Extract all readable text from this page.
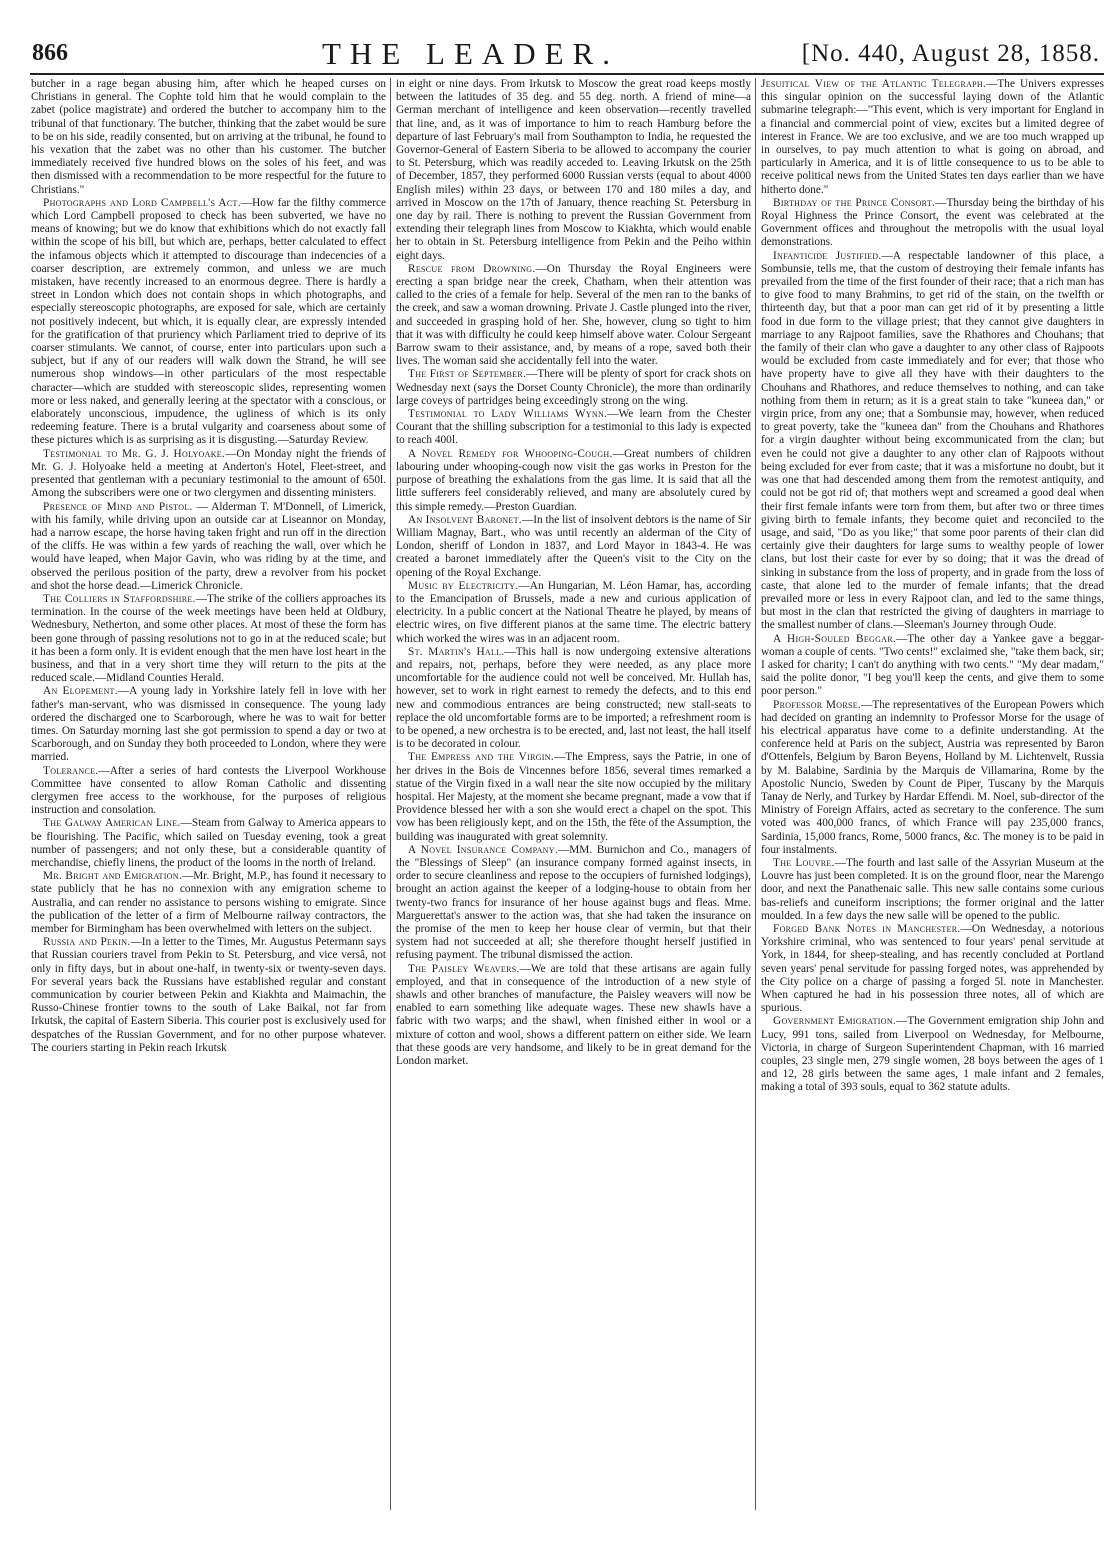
866	THE LEADER.	[No. 440, August 28, 1858.

butcher in a rage began abusing him, after which he heaped curses on Christians in general. The Cophte told him that he would complain to the zabet (police magistrate) and ordered the butcher to accompany him to the tribunal of that functionary. The butcher, thinking that the zabet would be sure to be on his side, readily consented, but on arriving at the tribunal, he found to his vexation that the zabet was no other than his customer. The butcher immediately received five hundred blows on the soles of his feet, and was then dismissed with a recommendation to be more respectful for the future to Christians."

Photographs and Lord Campbell's Act.—How far the filthy commerce which Lord Campbell proposed to check has been subverted, we have no means of knowing; but we do know that exhibitions which do not exactly fall within the scope of his bill, but which are, perhaps, better calculated to effect the infamous objects which it attempted to discourage than indecencies of a coarser description, are extremely common, and unless we are much mistaken, have recently increased to an enormous degree. There is hardly a street in London which does not contain shops in which photographs, and especially stereoscopic photographs, are exposed for sale, which are certainly not positively indecent, but which, it is equally clear, are expressly intended for the gratification of that pruriency which Parliament tried to deprive of its coarser stimulants. We cannot, of course, enter into particulars upon such a subject, but if any of our readers will walk down the Strand, he will see numerous shop windows—in other particulars of the most respectable character—which are studded with stereoscopic slides, representing women more or less naked, and generally leering at the spectator with a conscious, or elaborately unconscious, impudence, the ugliness of which is its only redeeming feature. There is a brutal vulgarity and coarseness about some of these pictures which is as surprising as it is disgusting.—Saturday Review.

Testimonial to Mr. G. J. Holyoake.—On Monday night the friends of Mr. G. J. Holyoake held a meeting at Anderton's Hotel, Fleet-street, and presented that gentleman with a pecuniary testimonial to the amount of 650l. Among the subscribers were one or two clergymen and dissenting ministers.

Presence of Mind and Pistol. — Alderman T. M'Donnell, of Limerick, with his family, while driving upon an outside car at Liseannor on Monday, had a narrow escape, the horse having taken fright and run off in the direction of the cliffs. He was within a few yards of reaching the wall, over which he would have leaped, when Major Gavin, who was riding by at the time, and observed the perilous position of the party, drew a revolver from his pocket and shot the horse dead.—Limerick Chronicle.

The Colliers in Staffordshire.—The strike of the colliers approaches its termination. In the course of the week meetings have been held at Oldbury, Wednesbury, Netherton, and some other places. At most of these the form has been gone through of passing resolutions not to go in at the reduced scale; but it has been a form only. It is evident enough that the men have lost heart in the business, and that in a very short time they will return to the pits at the reduced scale.—Midland Counties Herald.

An Elopement.—A young lady in Yorkshire lately fell in love with her father's man-servant, who was dismissed in consequence. The young lady ordered the discharged one to Scarborough, where he was to wait for better times. On Saturday morning last she got permission to spend a day or two at Scarborough, and on Sunday they both proceeded to London, where they were married.

Tolerance.—After a series of hard contests the Liverpool Workhouse Committee have consented to allow Roman Catholic and dissenting clergymen free access to the workhouse, for the purposes of religious instruction and consolation.

The Galway American Line.—Steam from Galway to America appears to be flourishing. The Pacific, which sailed on Tuesday evening, took a great number of passengers; and not only these, but a considerable quantity of merchandise, chiefly linens, the product of the looms in the north of Ireland.

Mr. Bright and Emigration.—Mr. Bright, M.P., has found it necessary to state publicly that he has no connexion with any emigration scheme to Australia, and can render no assistance to persons wishing to emigrate. Since the publication of the letter of a firm of Melbourne railway contractors, the member for Birmingham has been overwhelmed with letters on the subject.

Russia and Pekin.—In a letter to the Times, Mr. Augustus Petermann says that Russian couriers travel from Pekin to St. Petersburg, and vice versâ, not only in fifty days, but in about one-half, in twenty-six or twenty-seven days. For several years back the Russians have established regular and constant communication by courier between Pekin and Kiakhta and Maimachin, the Russo-Chinese frontier towns to the south of Lake Baikal, not far from Irkutsk, the capital of Eastern Siberia. This courier post is exclusively used for despatches of the Russian Government, and for no other purpose whatever. The couriers starting in Pekin reach Irkutsk

in eight or nine days. From Irkutsk to Moscow the great road keeps mostly between the latitudes of 35 deg. and 55 deg. north. A friend of mine—a German merchant of intelligence and keen observation—recently travelled that line, and, as it was of importance to him to reach Hamburg before the departure of last February's mail from Southampton to India, he requested the Governor-General of Eastern Siberia to be allowed to accompany the courier to St. Petersburg, which was readily acceded to. Leaving Irkutsk on the 25th of December, 1857, they performed 6000 Russian versts (equal to about 4000 English miles) within 23 days, or between 170 and 180 miles a day, and arrived in Moscow on the 17th of January, thence reaching St. Petersburg in one day by rail. There is nothing to prevent the Russian Government from extending their telegraph lines from Moscow to Kiakhta, which would enable her to obtain in St. Petersburg intelligence from Pekin and the Peiho within eight days.

Rescue from Drowning.—On Thursday the Royal Engineers were erecting a span bridge near the creek, Chatham, when their attention was called to the cries of a female for help. Several of the men ran to the banks of the creek, and saw a woman drowning. Private J. Castle plunged into the river, and succeeded in grasping hold of her. She, however, clung so tight to him that it was with difficulty he could keep himself above water. Colour Sergeant Barrow swam to their assistance, and, by means of a rope, saved both their lives. The woman said she accidentally fell into the water.

The First of September.—There will be plenty of sport for crack shots on Wednesday next (says the Dorset County Chronicle), the more than ordinarily large coveys of partridges being exceedingly strong on the wing.

Testimonial to Lady Williams Wynn.—We learn from the Chester Courant that the shilling subscription for a testimonial to this lady is expected to reach 400l.

A Novel Remedy for Whooping-Cough.—Great numbers of children labouring under whooping-cough now visit the gas works in Preston for the purpose of breathing the exhalations from the gas lime. It is said that all the little sufferers feel considerably relieved, and many are absolutely cured by this simple remedy.—Preston Guardian.

An Insolvent Baronet.—In the list of insolvent debtors is the name of Sir William Magnay, Bart., who was until recently an alderman of the City of London, sheriff of London in 1837, and Lord Mayor in 1843-4. He was created a baronet immediately after the Queen's visit to the City on the opening of the Royal Exchange.

Music by Electricity.—An Hungarian, M. Léon Hamar, has, according to the Emancipation of Brussels, made a new and curious application of electricity. In a public concert at the National Theatre he played, by means of electric wires, on five different pianos at the same time. The electric battery which worked the wires was in an adjacent room.

St. Martin's Hall.—This hall is now undergoing extensive alterations and repairs, not, perhaps, before they were needed, as any place more uncomfortable for the audience could not well be conceived. Mr. Hullah has, however, set to work in right earnest to remedy the defects, and to this end new and commodious entrances are being constructed; new stall-seats to replace the old uncomfortable forms are to be imported; a refreshment room is to be opened, a new orchestra is to be erected, and, last not least, the hall itself is to be decorated in colour.

The Empress and the Virgin.—The Empress, says the Patrie, in one of her drives in the Bois de Vincennes before 1856, several times remarked a statue of the Virgin fixed in a wall near the site now occupied by the military hospital. Her Majesty, at the moment she became pregnant, made a vow that if Providence blessed her with a son she would erect a chapel on the spot. This vow has been religiously kept, and on the 15th, the fête of the Assumption, the building was inaugurated with great solemnity.

A Novel Insurance Company.—MM. Burnichon and Co., managers of the "Blessings of Sleep" (an insurance company formed against insects, in order to secure cleanliness and repose to the occupiers of furnished lodgings), brought an action against the keeper of a lodging-house to obtain from her twenty-two francs for insurance of her house against bugs and fleas. Mme. Marguerettat's answer to the action was, that she had taken the insurance on the promise of the men to keep her house clear of vermin, but that their system had not succeeded at all; she therefore thought herself justified in refusing payment. The tribunal dismissed the action.

The Paisley Weavers.—We are told that these artisans are again fully employed, and that in consequence of the introduction of a new style of shawls and other branches of manufacture, the Paisley weavers will now be enabled to earn something like adequate wages. These new shawls have a fabric with two warps; and the shawl, when finished either in wool or a mixture of cotton and wool, shows a different pattern on either side. We learn that these goods are very handsome, and likely to be in great demand for the London market.

Jesuitical View of the Atlantic Telegraph.—The Univers expresses this singular opinion on the successful laying down of the Atlantic submarine telegraph:—"This event, which is very important for England in a financial and commercial point of view, excites but a limited degree of interest in France. We are too exclusive, and we are too much wrapped up in ourselves, to pay much attention to what is going on abroad, and particularly in America, and it is of little consequence to us to be able to receive political news from the United States ten days earlier than we have hitherto done."

Birthday of the Prince Consort.—Thursday being the birthday of his Royal Highness the Prince Consort, the event was celebrated at the Government offices and throughout the metropolis with the usual loyal demonstrations.

Infanticide Justified.—A respectable landowner of this place, a Sombunsie, tells me, that the custom of destroying their female infants has prevailed from the time of the first founder of their race; that a rich man has to give food to many Brahmins, to get rid of the stain, on the twelfth or thirteenth day, but that a poor man can get rid of it by presenting a little food in due form to the village priest; that they cannot give daughters in marriage to any Rajpoot families, save the Rhathores and Chouhans; that the family of their clan who gave a daughter to any other class of Rajpoots would be excluded from caste immediately and for ever; that those who have property have to give all they have with their daughters to the Chouhans and Rhathores, and reduce themselves to nothing, and can take nothing from them in return; as it is a great stain to take "kuneea dan," or virgin price, from any one; that a Sombunsie may, however, when reduced to great poverty, take the "kuneea dan" from the Chouhans and Rhathores for a virgin daughter without being excommunicated from the clan; but even he could not give a daughter to any other clan of Rajpoots without being excluded for ever from caste; that it was a misfortune no doubt, but it was one that had descended among them from the remotest antiquity, and could not be got rid of; that mothers wept and screamed a good deal when their first female infants were torn from them, but after two or three times giving birth to female infants, they become quiet and reconciled to the usage, and said, "Do as you like;" that some poor parents of their clan did certainly give their daughters for large sums to wealthy people of lower clans, but lost their caste for ever by so doing; that it was the dread of sinking in substance from the loss of property, and in grade from the loss of caste, that alone led to the murder of female infants; that the dread prevailed more or less in every Rajpoot clan, and led to the same things, but most in the clan that restricted the giving of daughters in marriage to the smallest number of clans.—Sleeman's Journey through Oude.

A High-Souled Beggar.—The other day a Yankee gave a beggar-woman a couple of cents. "Two cents!" exclaimed she, "take them back, sir; I asked for charity; I can't do anything with two cents." "My dear madam," said the polite donor, "I beg you'll keep the cents, and give them to some poor person."

Professor Morse.—The representatives of the European Powers which had decided on granting an indemnity to Professor Morse for the usage of his electrical apparatus have come to a definite understanding. At the conference held at Paris on the subject, Austria was represented by Baron d'Ottenfels, Belgium by Baron Beyens, Holland by M. Lichtenvelt, Russia by M. Balabine, Sardinia by the Marquis de Villamarina, Rome by the Apostolic Nuncio, Sweden by Count de Piper, Tuscany by the Marquis Tanay de Nerly, and Turkey by Hardar Effendi. M. Noel, sub-director of the Ministry of Foreign Affairs, acted as secretary to the conference. The sum voted was 400,000 francs, of which France will pay 235,000 francs, Sardinia, 15,000 francs, Rome, 5000 francs, &c. The money is to be paid in four instalments.

The Louvre.—The fourth and last salle of the Assyrian Museum at the Louvre has just been completed. It is on the ground floor, near the Marengo door, and next the Panathenaic salle. This new salle contains some curious bas-reliefs and cuneiform inscriptions; the former original and the latter moulded. In a few days the new salle will be opened to the public.

Forged Bank Notes in Manchester.—On Wednesday, a notorious Yorkshire criminal, who was sentenced to four years' penal servitude at York, in 1844, for sheep-stealing, and has recently concluded at Portland seven years' penal servitude for passing forged notes, was apprehended by the City police on a charge of passing a forged 5l. note in Manchester. When captured he had in his possession three notes, all of which are spurious.

Government Emigration.—The Government emigration ship John and Lucy, 991 tons, sailed from Liverpool on Wednesday, for Melbourne, Victoria, in charge of Surgeon Superintendent Chapman, with 16 married couples, 23 single men, 279 single women, 28 boys between the ages of 1 and 12, 28 girls between the same ages, 1 male infant and 2 females, making a total of 393 souls, equal to 362 statute adults.
